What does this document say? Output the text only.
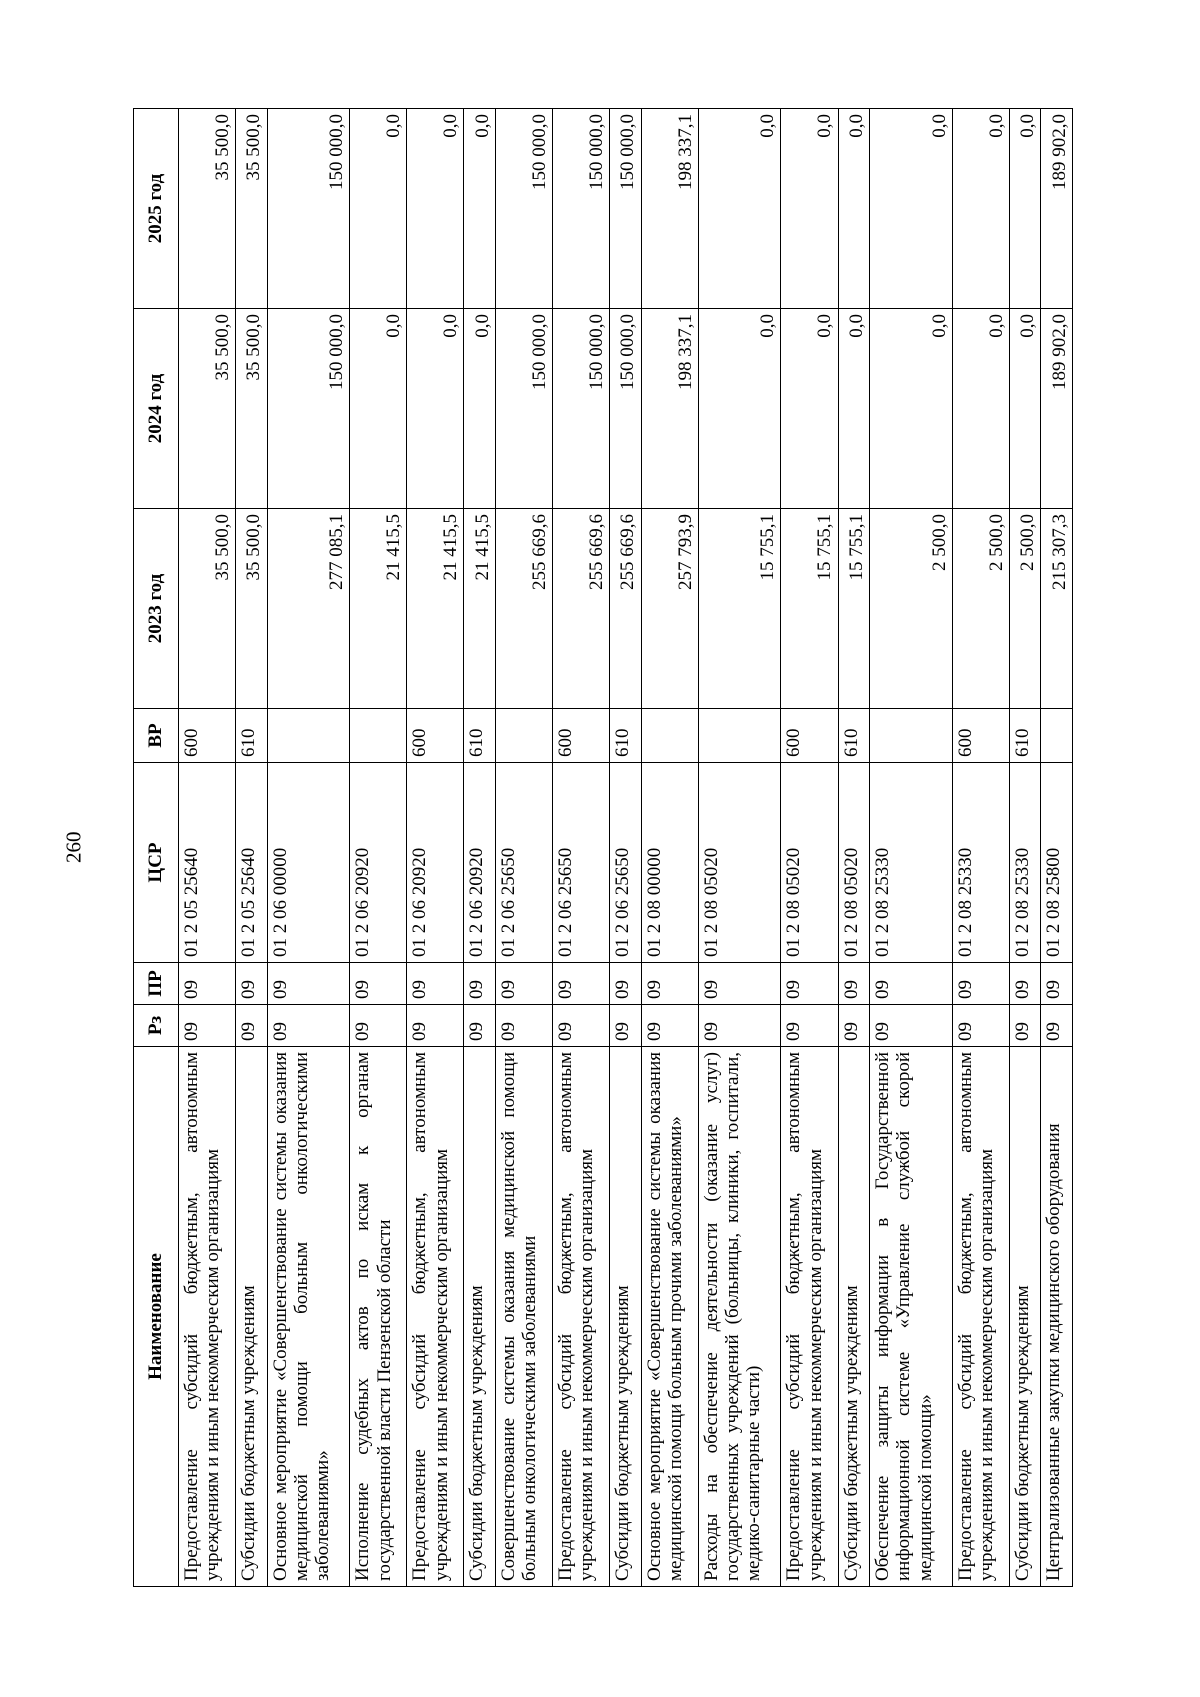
260
Наименование	Рз	ПР	ЦСР	ВР	2023 год	2024 год	2025 год
Предоставление субсидий бюджетным, автономным учреждениям и иным некоммерческим организациям	09	09	01 2 05 25640	600	35 500,0	35 500,0	35 500,0
Субсидии бюджетным учреждениям	09	09	01 2 05 25640	610	35 500,0	35 500,0	35 500,0
Основное мероприятие «Совершенствование системы оказания медицинской помощи больным онкологическими заболеваниями»	09	09	01 2 06 00000		277 085,1	150 000,0	150 000,0
Исполнение судебных актов по искам к органам государственной власти Пензенской области	09	09	01 2 06 20920		21 415,5	0,0	0,0
Предоставление субсидий бюджетным, автономным учреждениям и иным некоммерческим организациям	09	09	01 2 06 20920	600	21 415,5	0,0	0,0
Субсидии бюджетным учреждениям	09	09	01 2 06 20920	610	21 415,5	0,0	0,0
Совершенствование системы оказания медицинской помощи больным онкологическими заболеваниями	09	09	01 2 06 25650		255 669,6	150 000,0	150 000,0
Предоставление субсидий бюджетным, автономным учреждениям и иным некоммерческим организациям	09	09	01 2 06 25650	600	255 669,6	150 000,0	150 000,0
Субсидии бюджетным учреждениям	09	09	01 2 06 25650	610	255 669,6	150 000,0	150 000,0
Основное мероприятие «Совершенствование системы оказания медицинской помощи больным прочими заболеваниями»	09	09	01 2 08 00000		257 793,9	198 337,1	198 337,1
Расходы на обеспечение деятельности (оказание услуг) государственных учреждений (больницы, клиники, госпитали, медико-санитарные части)	09	09	01 2 08 05020		15 755,1	0,0	0,0
Предоставление субсидий бюджетным, автономным учреждениям и иным некоммерческим организациям	09	09	01 2 08 05020	600	15 755,1	0,0	0,0
Субсидии бюджетным учреждениям	09	09	01 2 08 05020	610	15 755,1	0,0	0,0
Обеспечение защиты информации в Государственной информационной системе «Управление службой скорой медицинской помощи»	09	09	01 2 08 25330		2 500,0	0,0	0,0
Предоставление субсидий бюджетным, автономным учреждениям и иным некоммерческим организациям	09	09	01 2 08 25330	600	2 500,0	0,0	0,0
Субсидии бюджетным учреждениям	09	09	01 2 08 25330	610	2 500,0	0,0	0,0
Централизованные закупки медицинского оборудования	09	09	01 2 08 25800		215 307,3	189 902,0	189 902,0
